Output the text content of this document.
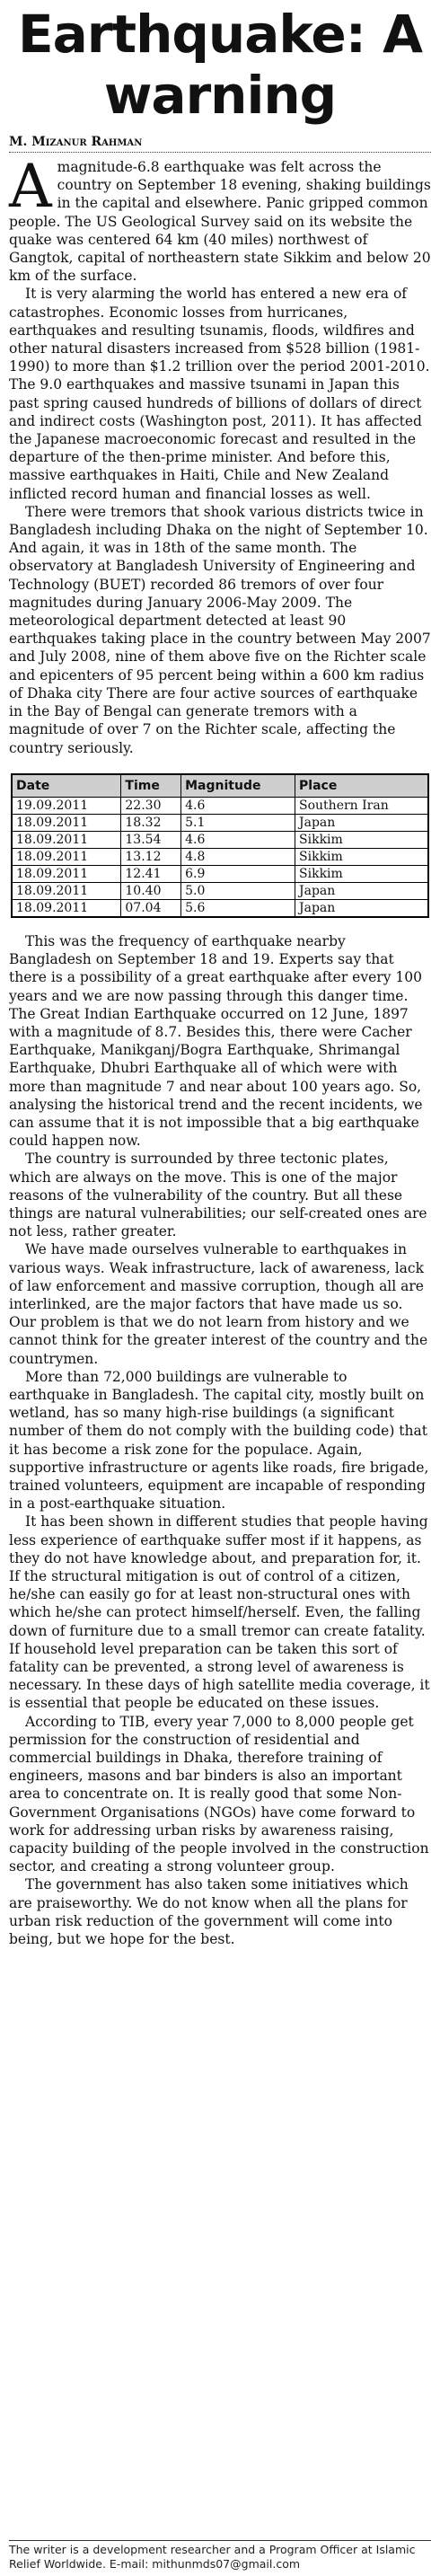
Earthquake: A warning
M. Mizanur Rahman

Amagnitude-6.8 earthquake was felt across the country on September 18 evening, shaking buildings in the capital and elsewhere. Panic gripped common people. The US Geological Survey said on its website the quake was centered 64 km (40 miles) northwest of Gangtok, capital of northeastern state Sikkim and below 20 km of the surface.

It is very alarming the world has entered a new era of catastrophes. Economic losses from hurricanes, earthquakes and resulting tsunamis, floods, wildfires and other natural disasters increased from $528 billion (1981-1990) to more than $1.2 trillion over the period 2001-2010. The 9.0 earthquakes and massive tsunami in Japan this past spring caused hundreds of billions of dollars of direct and indirect costs (Washington post, 2011). It has affected the Japanese macroeconomic forecast and resulted in the departure of the then-prime minister. And before this, massive earthquakes in Haiti, Chile and New Zealand inflicted record human and financial losses as well.

There were tremors that shook various districts twice in Bangladesh including Dhaka on the night of September 10. And again, it was in 18th of the same month. The observatory at Bangladesh University of Engineering and Technology (BUET) recorded 86 tremors of over four magnitudes during January 2006-May 2009. The meteorological department detected at least 90 earthquakes taking place in the country between May 2007 and July 2008, nine of them above five on the Richter scale and epicenters of 95 percent being within a 600 km radius of Dhaka city There are four active sources of earthquake in the Bay of Bengal can generate tremors with a magnitude of over 7 on the Richter scale, affecting the country seriously.

Date	Time	Magnitude	Place
19.09.2011	22.30	4.6	Southern Iran
18.09.2011	18.32	5.1	Japan
18.09.2011	13.54	4.6	Sikkim
18.09.2011	13.12	4.8	Sikkim
18.09.2011	12.41	6.9	Sikkim
18.09.2011	10.40	5.0	Japan
18.09.2011	07.04	5.6	Japan

This was the frequency of earthquake nearby Bangladesh on September 18 and 19. Experts say that there is a possibility of a great earthquake after every 100 years and we are now passing through this danger time. The Great Indian Earthquake occurred on 12 June, 1897 with a magnitude of 8.7. Besides this, there were Cacher Earthquake, Manikganj/Bogra Earthquake, Shrimangal Earthquake, Dhubri Earthquake all of which were with more than magnitude 7 and near about 100 years ago. So, analysing the historical trend and the recent incidents, we can assume that it is not impossible that a big earthquake could happen now.

The country is surrounded by three tectonic plates, which are always on the move. This is one of the major reasons of the vulnerability of the country. But all these things are natural vulnerabilities; our self-created ones are not less, rather greater.

We have made ourselves vulnerable to earthquakes in various ways. Weak infrastructure, lack of awareness, lack of law enforcement and massive corruption, though all are interlinked, are the major factors that have made us so. Our problem is that we do not learn from history and we cannot think for the greater interest of the country and the countrymen.

More than 72,000 buildings are vulnerable to earthquake in Bangladesh. The capital city, mostly built on wetland, has so many high-rise buildings (a significant number of them do not comply with the building code) that it has become a risk zone for the populace. Again, supportive infrastructure or agents like roads, fire brigade, trained volunteers, equipment are incapable of responding in a post-earthquake situation.

It has been shown in different studies that people having less experience of earthquake suffer most if it happens, as they do not have knowledge about, and preparation for, it. If the structural mitigation is out of control of a citizen, he/she can easily go for at least non-structural ones with which he/she can protect himself/herself. Even, the falling down of furniture due to a small tremor can create fatality. If household level preparation can be taken this sort of fatality can be prevented, a strong level of awareness is necessary. In these days of high satellite media coverage, it is essential that people be educated on these issues.

According to TIB, every year 7,000 to 8,000 people get permission for the construction of residential and commercial buildings in Dhaka, therefore training of engineers, masons and bar binders is also an important area to concentrate on. It is really good that some Non-Government Organisations (NGOs) have come forward to work for addressing urban risks by awareness raising, capacity building of the people involved in the construction sector, and creating a strong volunteer group.

The government has also taken some initiatives which are praiseworthy. We do not know when all the plans for urban risk reduction of the government will come into being, but we hope for the best.

The writer is a development researcher and a Program Officer at Islamic Relief Worldwide. E-mail: mithunmds07@gmail.com
